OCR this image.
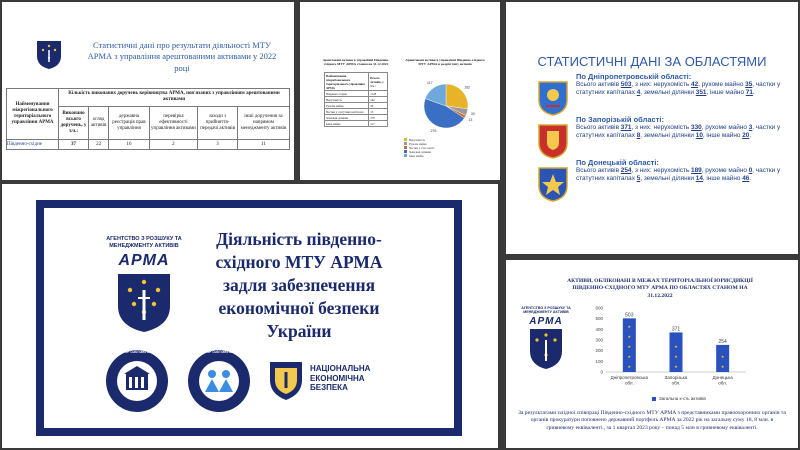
Статистичні дані про результати діяльності МТУ АРМА з управління арештованими активами у 2022 році
Найменування міжрегіонального територіального управління АРМА	Кількість виконаних доручень керівництва АРМА, пов'язаних з управлінням арештованими активами					
	Виконано всього доручень, у т.ч.:	огляд активів	державна реєстрація прав управління	перевірка ефективності управління активами	заходи з прийняття-передачі активів	інші доручення за напрямом менеджменту активів
Південно-східне	37	22	16	2	3	11
Арештовані активи в управлінні Південно-східного МТУ АРМА станом на 31.12.2022
Найменування міжрегіонального територіального управління АРМА	Всього активів, у т.ч.:
Південно-східне	1128
Нерухомість	162
Рухоме майно	30
Частки у статутних капіталах	13
Земельні ділянки	276
Інше майно	117
Арештовані активи в управлінні Південно-східного МТУ АРМА в розрізі типу активів
162
30
13
276
117
Нерухомість
Рухоме майно
Частки у стат. капіт.
Земельні ділянки
Інше майно
СТАТИСТИЧНІ ДАНІ ЗА ОБЛАСТЯМИ
По Дніпропетровській області:
Всього активів 503, з них: нерухомість 42, рухоме майно 35, частки у статутних капіталах 4, земельні ділянки 351, інше майно 71.
По Запорізькій області:
Всього активів 371, з них: нерухомість 330, рухоме майно 3, частки у статутних капіталах 8, земельні ділянки 10, інше майно 20.
По Донецькій області:
Всього активів 254, з них: нерухомість 189, рухоме майно 0, частки у статутних капіталах 5, земельні ділянки 14, інше майно 46.
АГЕНТСТВО З РОЗШУКУ ТА МЕНЕДЖМЕНТУ АКТИВІВ
АРМА
Діяльність південно-східного МТУ АРМА задля забезпечення економічної безпеки України
UNIVERSITY OF CUSTOMS AND FINANCE	UNIVERSITY OF CUSTOMS AND FINANCE
НАЦІОНАЛЬНА
ЕКОНОМІЧНА
БЕЗПЕКА
АКТИВИ, ОБЛІКОВАНІ В МЕЖАХ ТЕРИТОРІАЛЬНОЇ ЮРИСДИКЦІЇ ПІВДЕННО-СХІДНОГО МТУ АРМА ПО ОБЛАСТЯХ СТАНОМ НА 31.12.2022
АГЕНТСТВО З РОЗШУКУ ТА МЕНЕДЖМЕНТУ АКТИВІВ
АРМА
0
100
200
300
400
500
600
★
★
★
★
★
503
Дніпропетровська
обл.
★
★
★
371
Запорізька
обл.
★
★
254
Донецька
обл.
Загальна к-сть активів
За результатами плідної співпраці Південно-східного МТУ АРМА з представниками правоохоронних органів та органів прокуратури поповнено державний портфель АРМА за 2022 рік на загальну суму 18, 8 млн. в гривневому еквіваленті., за 1 квартал 2023 року – понад 5 млн в гривневому еквіваленті.
